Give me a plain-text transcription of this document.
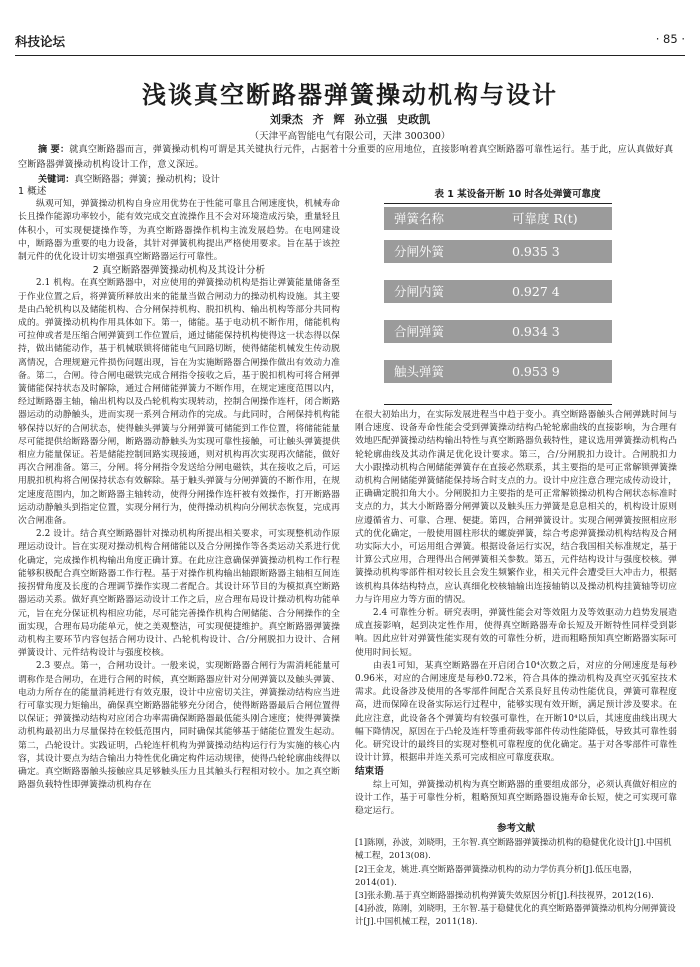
科技论坛	· 85 ·
浅谈真空断路器弹簧操动机构与设计
刘秉杰 齐 辉 孙立强 史政凯
（天津平高智能电气有限公司，天津 300300）
摘 要：就真空断路器而言，弹簧操动机构可谓是其关键执行元件，占据着十分重要的应用地位，直接影响着真空断路器可靠性运行。基于此，应认真做好真空断路器弹簧操动机构设计工作，意义深远。
关键词：真空断路器；弹簧；操动机构；设计
1 概述

纵观可知，弹簧操动机构自身应用优势在于性能可靠且合闸速度快，机械寿命长且操作能源功率较小，能有效完成交直流操作且不会对环境造成污染，重量轻且体积小，可实现便捷操作等，为真空断路器操作机构主流发展趋势。在电网建设中，断路器为重要的电力设备，其针对弹簧机构提出严格使用要求。旨在基于该控制元件的优化设计切实增强真空断路器运行可靠性。

2 真空断路器弹簧操动机构及其设计分析

2.1 机构。在真空断路器中，对应使用的弹簧操动机构是指让弹簧能量储备至于作业位置之后，将弹簧所释放出来的能量当做合闸动力的操动机构设施。其主要是由凸轮机构以及储能机构、合分闸保持机构、脱扣机构、输出机构等部分共同构成的。弹簧操动机构作用具体如下。第一，储能。基于电动机不断作用，储能机构可拉伸或者是压缩合闸弹簧到工作位置后，通过储能保持机构使得这一状态得以保持，做出储能动作，基于机械联锁将储能电气回路切断，使得储能机械发生传动脱离情况，合理规避元件损伤问题出现，旨在为实施断路器合闸操作做出有效动力准备。第二，合闸。待合闸电磁铁完成合闸指令接收之后，基于脱扣机构可将合闸弹簧储能保持状态及时解除，通过合闸储能弹簧力不断作用，在规定速度范围以内，经过断路器主轴，输出机构以及凸轮机构实现转动，控制合闸操作连杆，闭合断路器运动的动静触头，进而实现一系列合闸动作的完成。与此同时，合闸保持机构能够保持以好的合闸状态，使得触头弹簧与分闸弹簧可储能到工作位置，将储能能量尽可能提供给断路器分闸，断路器动静触头为实现可靠性接触，可让触头弹簧提供相应力能量保证。若是储能控制回路实现接通，则对机构再次实现再次储能，做好再次合闸准备。第三，分闸。将分闸指令发送给分闸电磁铁，其在接收之后，可运用脱扣机构将合闸保持状态有效解除。基于触头弹簧与分闸弹簧的不断作用，在规定速度范围内，加之断路器主轴转动，使得分闸操作连杆被有效操作，打开断路器运动动静触头到指定位置，实现分闸行为，使得操动机构向分闸状态恢复，完成再次合闸准备。

2.2 设计。结合真空断路器针对操动机构所提出相关要求，可实现整机动作原理运动设计。旨在实现对操动机构合闸储能以及合分闸操作等各类运动关系进行优化确定，完成操作机构输出角度正确计算。在此应注意确保弹簧操动机构工作行程能够积极配合真空断路器工作行程。基于对操作机构输出轴跟断路器主轴相互间连接拐臂角度及长度的合理调节操作实现二者配合。其设计环节目的为模拟真空断路器运动关系。做好真空断路器运动设计工作之后，应合理布局设计操动机构功能单元，旨在充分保证机构相应功能，尽可能完善操作机构合闸储能、合分闸操作的全面实现，合理布局功能单元，使之美观整洁，可实现便捷维护。真空断路器弹簧操动机构主要环节内容包括合闸功设计、凸轮机构设计、合/分闸脱扣力设计、合闸弹簧设计、元件结构设计与强度校核。

2.3 要点。第一，合闸功设计。一般来说，实现断路器合闸行为需消耗能量可谓称作是合闸功，在进行合闸的时候，真空断路器应针对分闸弹簧以及触头弹簧、电动力所存在的能量消耗进行有效克服，设计中应密切关注，弹簧操动结构应当进行可靠实现力矩输出，确保真空断路器能够充分闭合，使得断路器最后合闸位置得以保证；弹簧操动结构对应闭合功率需确保断路器最低能头刚合速度；使得弹簧操动机构最初出力尽量保持在较低范围内，同时确保其能够基于储能位置发生起动。第二，凸轮设计。实践证明，凸轮连杆机构为弹簧操动结构运行行为实施的核心内容，其设计要点为结合输出力特性优化确定构件运动规律，使得凸轮轮廓曲线得以确定。真空断路器触头接触应具足够触头压力且其触头行程相对较小。加之真空断路器负载特性即弹簧操动机构存在

表 1 某设备开断 10 时各处弹簧可靠度
弹簧名称	可靠度 R(t)
分闸外簧	0.935 3
分闸内簧	0.927 4
合闸弹簧	0.934 3
触头弹簧	0.953 9

在很大初始出力，在实际发展进程当中趋于变小。真空断路器触头合闸弹跳时间与刚合速度、设备寿命性能会受到弹簧操动结构凸轮轮廓曲线的直接影响，为合理有效地匹配弹簧操动结构输出特性与真空断路器负载特性，建议选用弹簧操动机构凸轮轮廓曲线及其动作满足优化设计要求。第三，合/分闸脱扣力设计。合闸脱扣力大小跟操动机构合闸储能弹簧存在直接必然联系，其主要指的是可正常解锁弹簧操动机构合闸储能弹簧储能保持场合时支点的力。设计中应注意合理完成传动设计，正确确定脱扣角大小。分闸脱扣力主要指的是可正常解锁操动机构合闸状态标准时支点的力，其大小断路器分闸弹簧以及触头压力弹簧是息息相关的，机构设计原则应遵循省力、可靠、合理、便捷。第四，合闸弹簧设计。实现合闸弹簧按照相应形式的优化确定，一般使用圆柱形状的螺旋弹簧，综合考虑弹簧操动机构结构及合闸功实际大小，可运用组合弹簧。根据设备运行实况，结合我国相关标准规定，基于计算公式应用，合理得出合闸弹簧相关参数。第五，元件结构设计与强度校核。弹簧操动机构零部件相对较长且会发生频繁作业，相关元件会遭受巨大冲击力，根据该机构具体结构特点，应认真细化校核轴输出连接轴销以及操动机构挂簧轴等切应力与许用应力等方面的情况。

2.4 可靠性分析。研究表明，弹簧性能会对等效阻力及等效驱动力趋势发展造成直接影响，起到决定性作用，使得真空断路器寿命长短及开断特性同样受到影响。因此应针对弹簧性能实现有效的可靠性分析，进而粗略预知真空断路器实际可使用时间长短。

由表1可知，某真空断路器在开启闭合10⁴次数之后，对应的分闸速度是每秒0.96米，对应的合闸速度是每秒0.72米，符合具体的操动机构及真空灭弧室技术需求。此设备涉及使用的各零部件间配合关系良好且传动性能优良，弹簧可靠程度高，进而保障在设备实际运行过程中，能够实现有效开断，满足预计涉及要求。在此应注意，此设备各个弹簧均有较强可靠性，在开断10⁴以后，其速度曲线出现大幅下降情况，原因在于凸轮及连杆等重荷载零部件传动性能降低，导致其可靠性弱化。研究设计的最终目的实现对整机可靠程度的优化确定。基于对各零部件可靠性设计计算，根据串并连关系可完成相应可靠度获取。

结束语

综上可知，弹簧操动机构为真空断路器的重要组成部分，必须认真做好相应的设计工作，基于可靠性分析，粗略预知真空断路器设施寿命长短，使之可实现可靠稳定运行。

参考文献

[1]陈刚，孙波，刘晓明，王尔智.真空断路器弹簧操动机构的稳健优化设计[J].中国机械工程，2013(08).

[2]王金龙，姚进.真空断路器弹簧操动机构的动力学仿真分析[J].低压电器，2014(01).

[3]张永勤.基于真空断路器操动机构弹簧失效原因分析[J].科技视界，2012(16).

[4]孙波，陈刚，刘晓明，王尔智.基于稳健优化的真空断路器弹簧操动机构分闸弹簧设计[J].中国机械工程，2011(18).
